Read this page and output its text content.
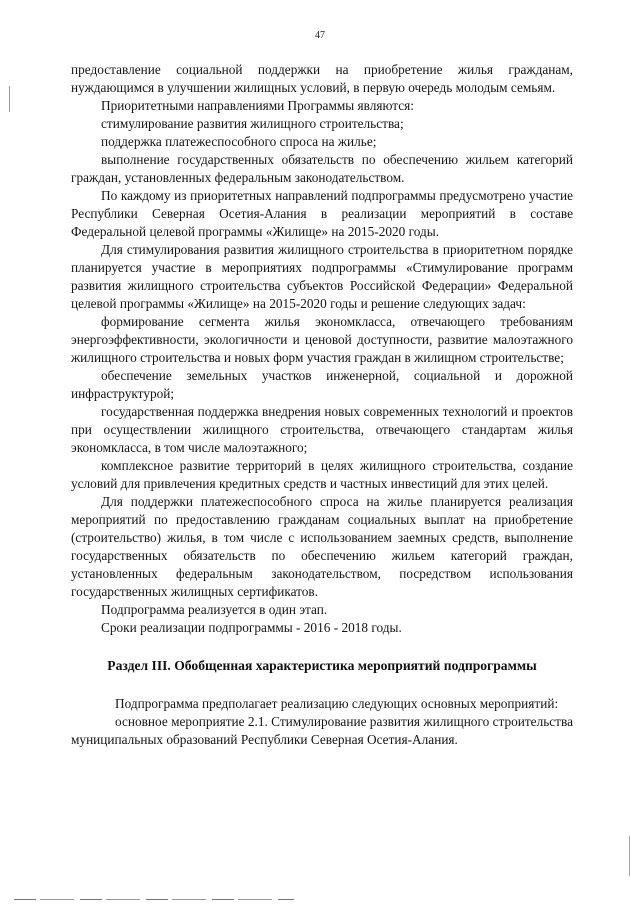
47

предоставление социальной поддержки на приобретение жилья гражданам, нуждающимся в улучшении жилищных условий, в первую очередь молодым семьям.

Приоритетными направлениями Программы являются:

стимулирование развития жилищного строительства;

поддержка платежеспособного спроса на жилье;

выполнение государственных обязательств по обеспечению жильем категорий граждан, установленных федеральным законодательством.

По каждому из приоритетных направлений подпрограммы предусмотрено участие Республики Северная Осетия-Алания в реализации мероприятий в составе Федеральной целевой программы «Жилище» на 2015-2020 годы.

Для стимулирования развития жилищного строительства в приоритетном порядке планируется участие в мероприятиях подпрограммы «Стимулирование программ развития жилищного строительства субъектов Российской Федерации» Федеральной целевой программы «Жилище» на 2015-2020 годы и решение следующих задач:

формирование сегмента жилья экономкласса, отвечающего требованиям энергоэффективности, экологичности и ценовой доступности, развитие малоэтажного жилищного строительства и новых форм участия граждан в жилищном строительстве;

обеспечение земельных участков инженерной, социальной и дорожной инфраструктурой;

государственная поддержка внедрения новых современных технологий и проектов при осуществлении жилищного строительства, отвечающего стандартам жилья экономкласса, в том числе малоэтажного;

комплексное развитие территорий в целях жилищного строительства, создание условий для привлечения кредитных средств и частных инвестиций для этих целей.

Для поддержки платежеспособного спроса на жилье планируется реализация мероприятий по предоставлению гражданам социальных выплат на приобретение (строительство) жилья, в том числе с использованием заемных средств, выполнение государственных обязательств по обеспечению жильем категорий граждан, установленных федеральным законодательством, посредством использования государственных жилищных сертификатов.

Подпрограмма реализуется в один этап.

Сроки реализации подпрограммы - 2016 - 2018 годы.

Раздел III. Обобщенная характеристика мероприятий подпрограммы

Подпрограмма предполагает реализацию следующих основных мероприятий:

основное мероприятие 2.1. Стимулирование развития жилищного строительства муниципальных образований Республики Северная Осетия-Алания.
